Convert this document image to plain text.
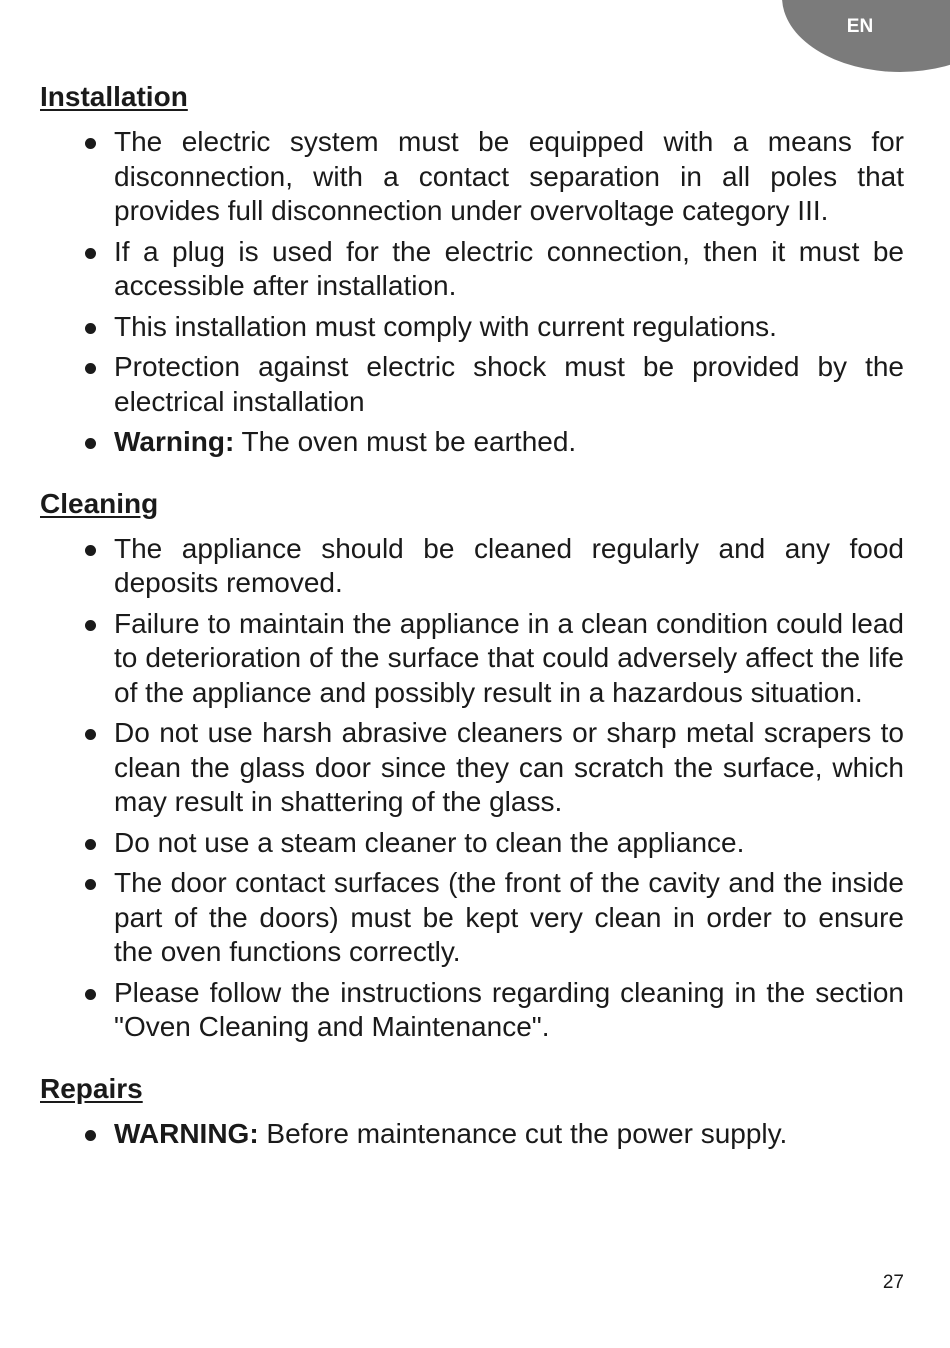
EN
Installation
The electric system must be equipped with a means for disconnection, with a contact separation in all poles that provides full disconnection under overvoltage category III.
If a plug is used for the electric connection, then it must be accessible after installation.
This installation must comply with current regulations.
Protection against electric shock must be provided by the electrical installation
Warning: The oven must be earthed.
Cleaning
The appliance should be cleaned regularly and any food deposits removed.
Failure to maintain the appliance in a clean condition could lead to deterioration of the surface that could adversely affect the life of the appliance and possibly result in a hazardous situation.
Do not use harsh abrasive cleaners or sharp metal scrapers to clean the glass door since they can scratch the surface, which may result in shattering of the glass.
Do not use a steam cleaner to clean the appliance.
The door contact surfaces (the front of the cavity and the inside part of the doors) must be kept very clean in order to ensure the oven functions correctly.
Please follow the instructions regarding cleaning in the section "Oven Cleaning and Maintenance".
Repairs
WARNING: Before maintenance cut the power supply.
27
